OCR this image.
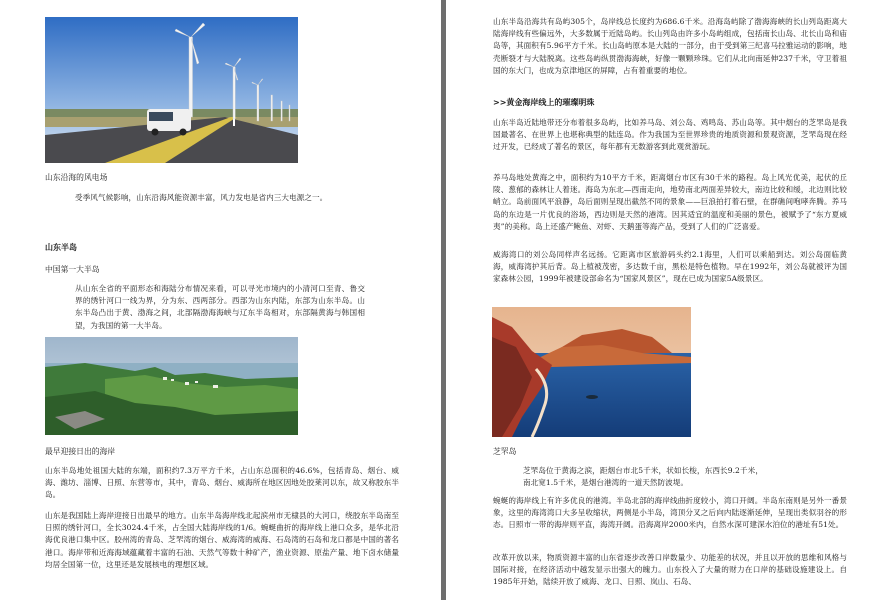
山东沿海的风电场
受季风气候影响，山东沿海风能资源丰富，风力发电是省内三大电源之一。
山东半岛
中国第一大半岛
从山东全省的平面形态和海陆分布情况来看，可以寻光市境内的小清河口至青、鲁交界的绣针河口一线为界，分为东、西两部分。西部为山东内陆，东部为山东半岛。山东半岛凸出于黄、渤海之间，北部隔渤海海峡与辽东半岛相对，东部隔黄海与韩国相望，为我国的第一大半岛。
最早迎接日出的海岸
山东半岛地处祖国大陆的东端，面积约7.3万平方千米，占山东总面积的46.6%，包括青岛、烟台、威海、潍坊、淄博、日照、东营等市，其中，青岛、烟台、威海所在地区因地处胶莱河以东，故又称胶东半岛。
山东是我国陆上海岸迎接日出最早的地方。山东半岛海岸线北起滨州市无棣县的大河口，绕胶东半岛南至日照的绣针河口，全长3024.4千米，占全国大陆海岸线的1/6。蜿蜒曲折的海岸线上港口众多，是华北沿海优良港口集中区。胶州湾的青岛、芝罘湾的烟台、威海湾的威海、石岛湾的石岛和龙口都是中国的著名港口。海岸带和近海海域蕴藏着丰富的石油、天然气等数十种矿产，渔业资源、原盐产量、地下卤水储量均居全国第一位，这里还是发展核电的理想区域。
山东半岛沿海共有岛屿305个，岛岸线总长度约为686.6千米。沿海岛屿除了渤海海峡的长山列岛距离大陆海岸线有些偏远外，大多数属于近陆岛屿。长山列岛由许多小岛屿组成，包括南长山岛、北长山岛和庙岛等，其面积有5.96平方千米。长山岛屿原本是大陆的一部分，由于受到第三纪喜马拉雅运动的影响，地壳断裂才与大陆脱离。这些岛屿纵贯渤海海峡，好像一颗颗珍珠。它们从北向南延伸237千米，守卫着祖国的东大门，也成为京津地区的屏障，占有着重要的地位。
>>黄金海岸线上的璀璨明珠
山东半岛近陆地带还分布着很多岛屿，比如养马岛、刘公岛、鸡鸣岛、苏山岛等。其中烟台的芝罘岛是我国最著名、在世界上也堪称典型的陆连岛。作为我国为至世界珍贵的地质资源和景观资源，芝罘岛现在经过开发，已经成了著名的景区，每年都有无数游客到此观赏游玩。
养马岛地处黄海之中，面积约为10平方千米，距离烟台市区有30千米的路程。岛上风光优美，起伏的丘陵、葱郁的森林让人着迷。海岛为东北—西南走向，地势南北两面差异较大，南边比较和缓，北边则比较峭立。岛前面风平浪静，岛后面则呈现出截然不同的景象——巨浪拍打着石壁，在群礁间咆哮奔腾。养马岛的东边是一片优良的浴场，西边则是天然的港湾。因其适宜的温度和美丽的景色，被赋予了“东方夏威夷”的美称。岛上还盛产鲍鱼、对虾、天鹅蛋等海产品，受到了人们的广泛喜爱。
威海湾口的刘公岛同样声名远扬。它距离市区旅游码头约2.1海里，人们可以乘船到达。刘公岛面临黄海，威海湾护其后背。岛上植被茂密，多达数千亩，黑松是特色植物。早在1992年，刘公岛就被评为国家森林公园，1999年被建设部命名为“国家风景区”，现在已成为国家5A级景区。
芝罘岛
芝罘岛位于黄海之滨，距烟台市北5千米，状如长梭，东西长9.2千米，南北宽1.5千米，是烟台港湾的一道天然防波堤。
蜿蜒的海岸线上有许多优良的港湾。半岛北部的海岸线曲折度较小，湾口开阔。半岛东南则是另外一番景象，这里的海湾湾口大多呈收缩状，两侧是小半岛，湾顶分叉之后向内陆逐渐延伸，呈现出类似羽谷的形态。日照市一带的海岸则平直，海湾开阔。沿海离岸2000米内，自然水深可建深水泊位的港址有51处。
改革开放以来，物质资源丰富的山东省逐步改善口岸数量少、功能差的状况，并且以开放的思维和风格与国际对接，在经济活动中越发显示出强大的魄力。山东投入了大量的财力在口岸的基础设施建设上。自1985年开始，陆续开放了威海、龙口、日照、岚山、石岛、
